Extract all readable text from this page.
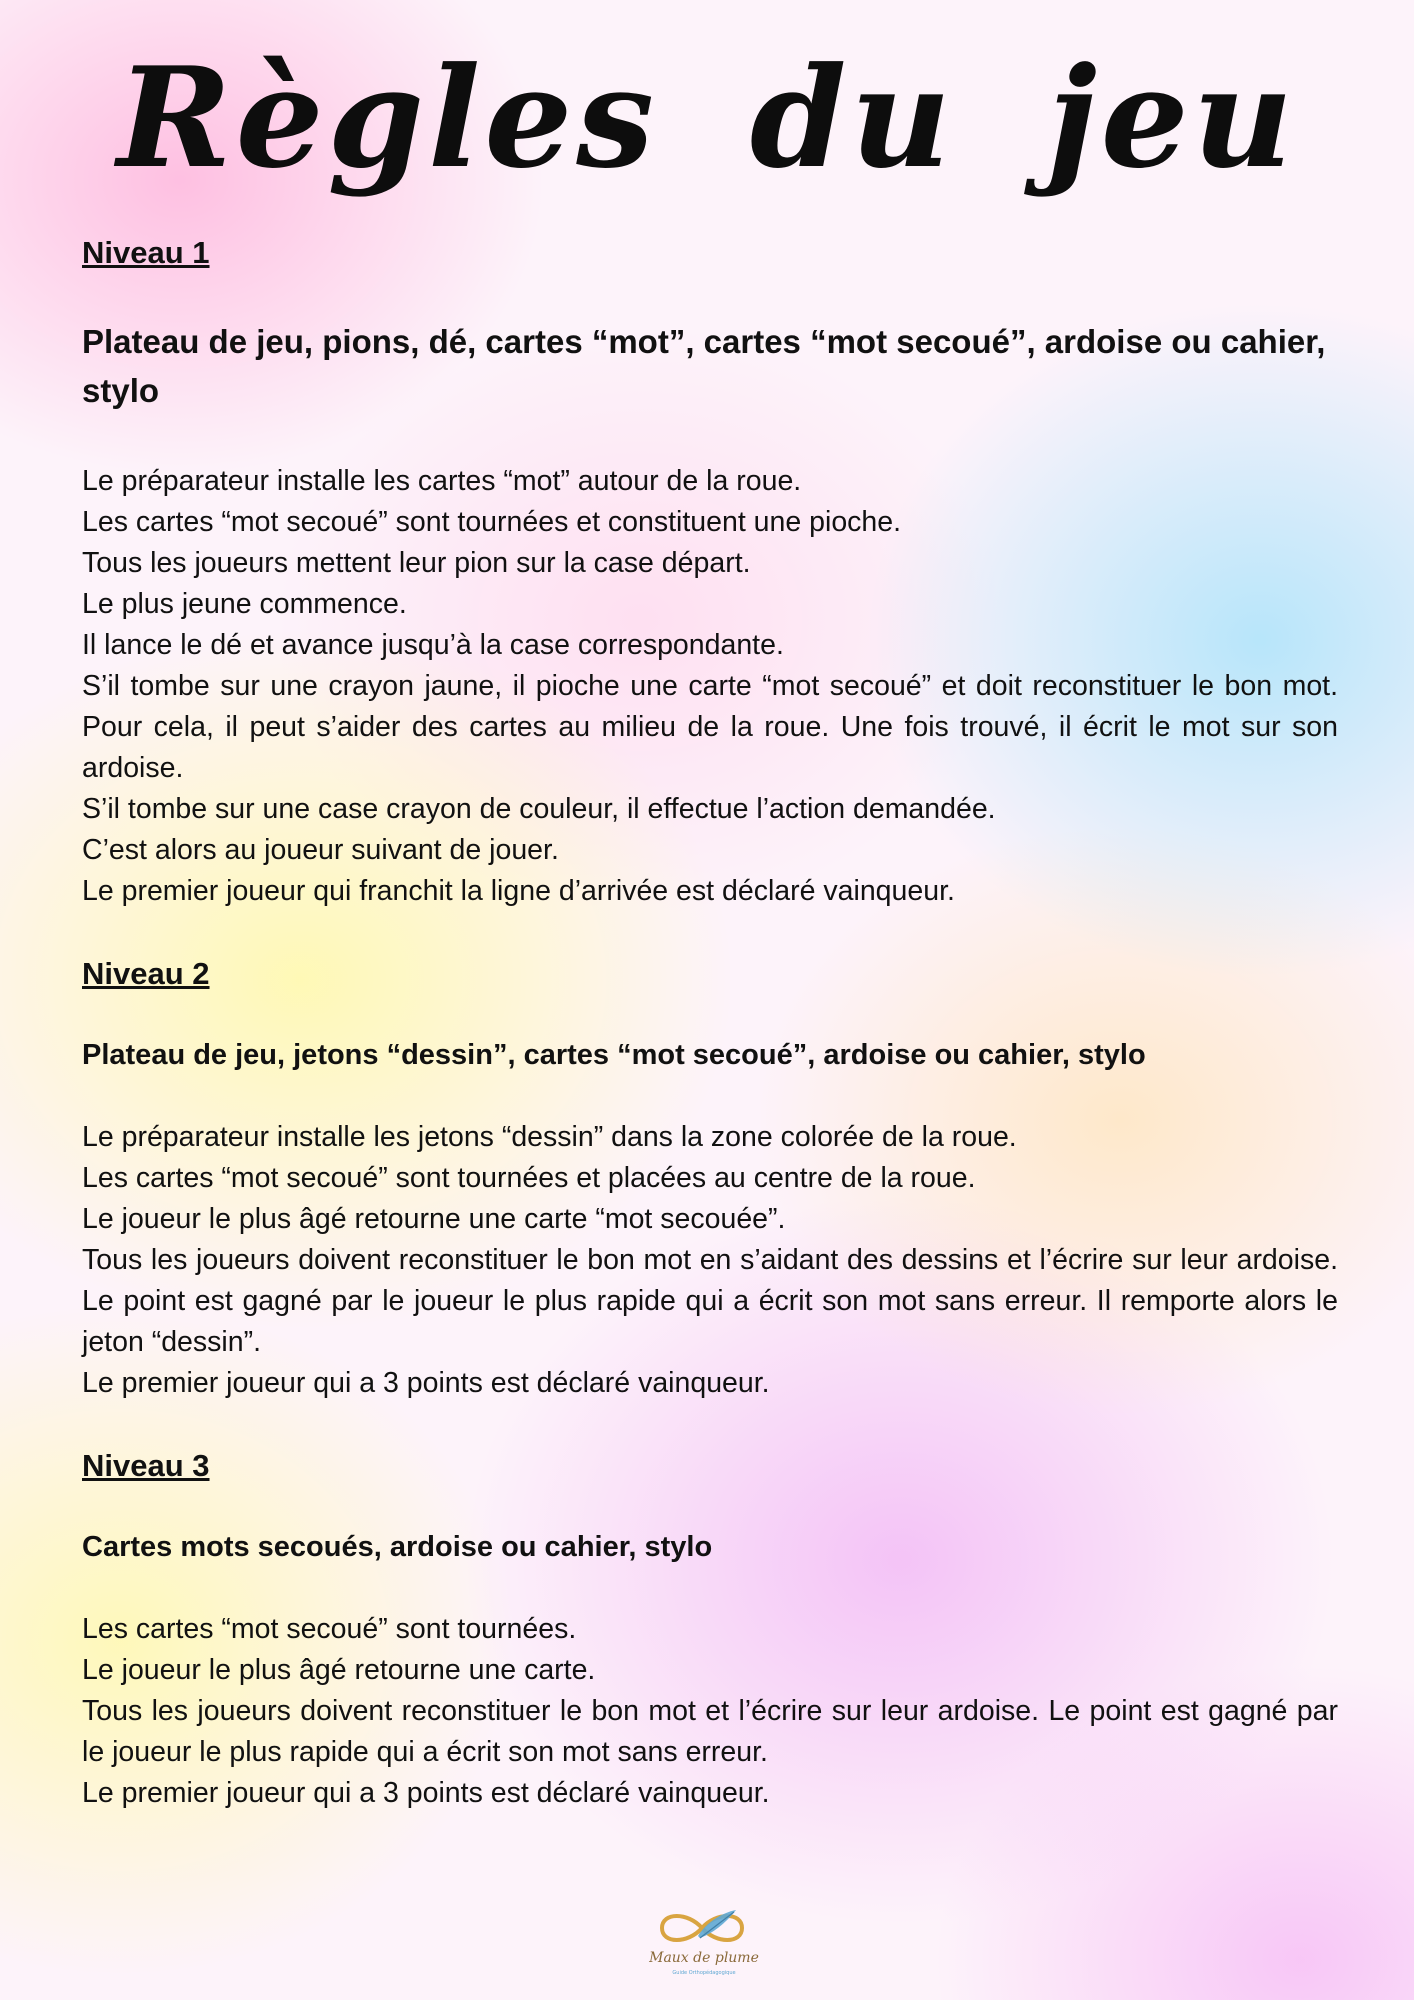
Règles du jeu

Niveau 1

Plateau de jeu, pions, dé, cartes “mot”, cartes “mot secoué”, ardoise ou cahier, stylo

Le préparateur installe les cartes “mot” autour de la roue.
Les cartes “mot secoué” sont tournées et constituent une pioche.
Tous les joueurs mettent leur pion sur la case départ.
Le plus jeune commence.
Il lance le dé et avance jusqu’à la case correspondante.
S’il tombe sur une crayon jaune, il pioche une carte “mot secoué” et doit reconstituer le bon mot. Pour cela, il peut s’aider des cartes au milieu de la roue. Une fois trouvé, il écrit le mot sur son ardoise.
S’il tombe sur une case crayon de couleur, il effectue l’action demandée.
C’est alors au joueur suivant de jouer.
Le premier joueur qui franchit la ligne d’arrivée est déclaré vainqueur.

Niveau 2

Plateau de jeu, jetons “dessin”, cartes “mot secoué”, ardoise ou cahier, stylo

Le préparateur installe les jetons “dessin” dans la zone colorée de la roue.
Les cartes “mot secoué” sont tournées et placées au centre de la roue.
Le joueur le plus âgé retourne une carte “mot secouée”.
Tous les joueurs doivent reconstituer le bon mot en s’aidant des dessins et l’écrire sur leur ardoise. Le point est gagné par le joueur le plus rapide qui a écrit son mot sans erreur. Il remporte alors le jeton “dessin”.
Le premier joueur qui a 3 points est déclaré vainqueur.

Niveau 3

Cartes mots secoués, ardoise ou cahier, stylo

Les cartes “mot secoué” sont tournées.
Le joueur le plus âgé retourne une carte.
Tous les joueurs doivent reconstituer le bon mot et l’écrire sur leur ardoise. Le point est gagné par le joueur le plus rapide qui a écrit son mot sans erreur.
Le premier joueur qui a 3 points est déclaré vainqueur.
Maux de plume
Guide Orthopédagogique
